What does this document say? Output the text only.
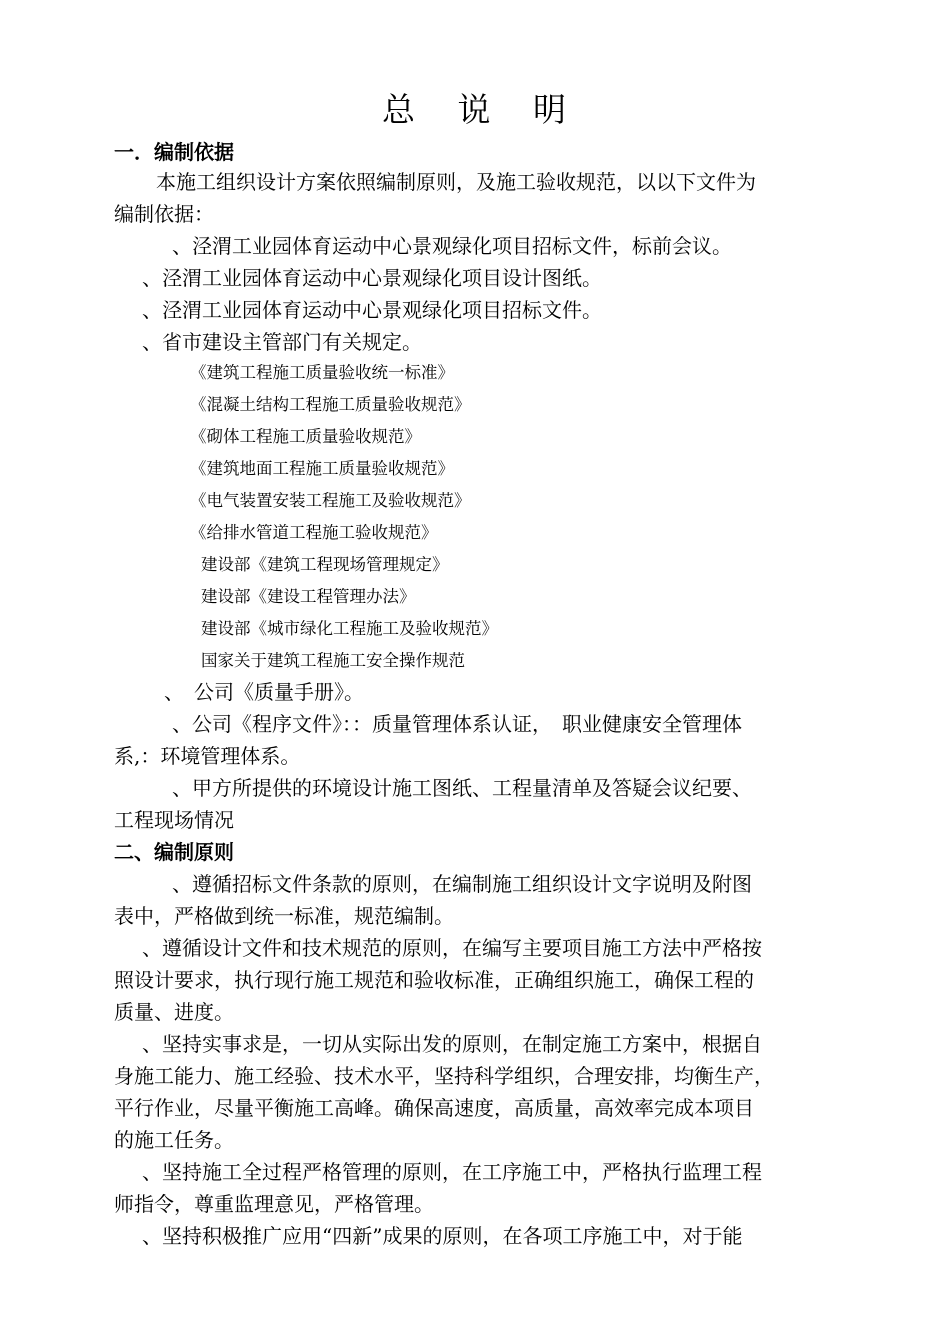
总 说 明
一．编制依据
本施工组织设计方案依照编制原则，及施工验收规范，以以下文件为
编制依据：
、泾渭工业园体育运动中心景观绿化项目招标文件，标前会议。
、泾渭工业园体育运动中心景观绿化项目设计图纸。
、泾渭工业园体育运动中心景观绿化项目招标文件。
、省市建设主管部门有关规定。
《建筑工程施工质量验收统一标准》
《混凝土结构工程施工质量验收规范》
《砌体工程施工质量验收规范》
《建筑地面工程施工质量验收规范》
《电气装置安装工程施工及验收规范》
《给排水管道工程施工验收规范》
建设部《建筑工程现场管理规定》
建设部《建设工程管理办法》
建设部《城市绿化工程施工及验收规范》
国家关于建筑工程施工安全操作规范
、　公司《质量手册》。
、公司《程序文件》：：质量管理体系认证，　职业健康安全管理体
系,：环境管理体系。
、甲方所提供的环境设计施工图纸、工程量清单及答疑会议纪要、
工程现场情况
二、编制原则
、遵循招标文件条款的原则，在编制施工组织设计文字说明及附图
表中，严格做到统一标准，规范编制。
、遵循设计文件和技术规范的原则，在编写主要项目施工方法中严格按
照设计要求，执行现行施工规范和验收标准，正确组织施工，确保工程的
质量、进度。
、坚持实事求是，一切从实际出发的原则，在制定施工方案中，根据自
身施工能力、施工经验、技术水平，坚持科学组织，合理安排，均衡生产，
平行作业，尽量平衡施工高峰。确保高速度，高质量，高效率完成本项目
的施工任务。
、坚持施工全过程严格管理的原则，在工序施工中，严格执行监理工程
师指令，尊重监理意见，严格管理。
、坚持积极推广应用“四新”成果的原则，在各项工序施工中，对于能
